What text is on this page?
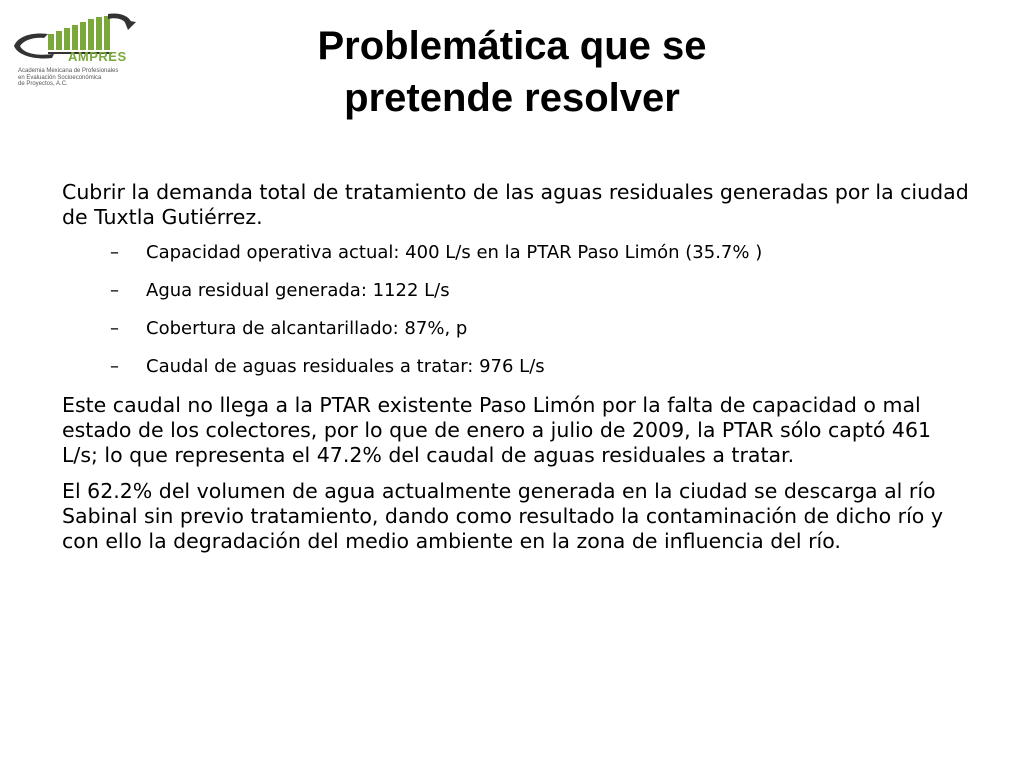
AMPRES
Academia Mexicana de Profesionales
en Evaluación Socioeconómica
de Proyectos, A.C.
Problemática que se
pretende resolver

Cubrir la demanda total de tratamiento de las aguas residuales generadas por la ciudad de Tuxtla Gutiérrez.

– Capacidad operativa actual: 400 L/s en la PTAR Paso Limón (35.7% )
– Agua residual generada: 1122 L/s
– Cobertura de alcantarillado: 87%, p
– Caudal de aguas residuales a tratar: 976 L/s

Este caudal no llega a la PTAR existente Paso Limón por la falta de capacidad o mal estado de los colectores, por lo que de enero a julio de 2009, la PTAR sólo captó 461 L/s; lo que representa el 47.2% del caudal de aguas residuales a tratar.

El 62.2% del volumen de agua actualmente generada en la ciudad se descarga al río Sabinal sin previo tratamiento, dando como resultado la contaminación de dicho río y con ello la degradación del medio ambiente en la zona de influencia del río.
